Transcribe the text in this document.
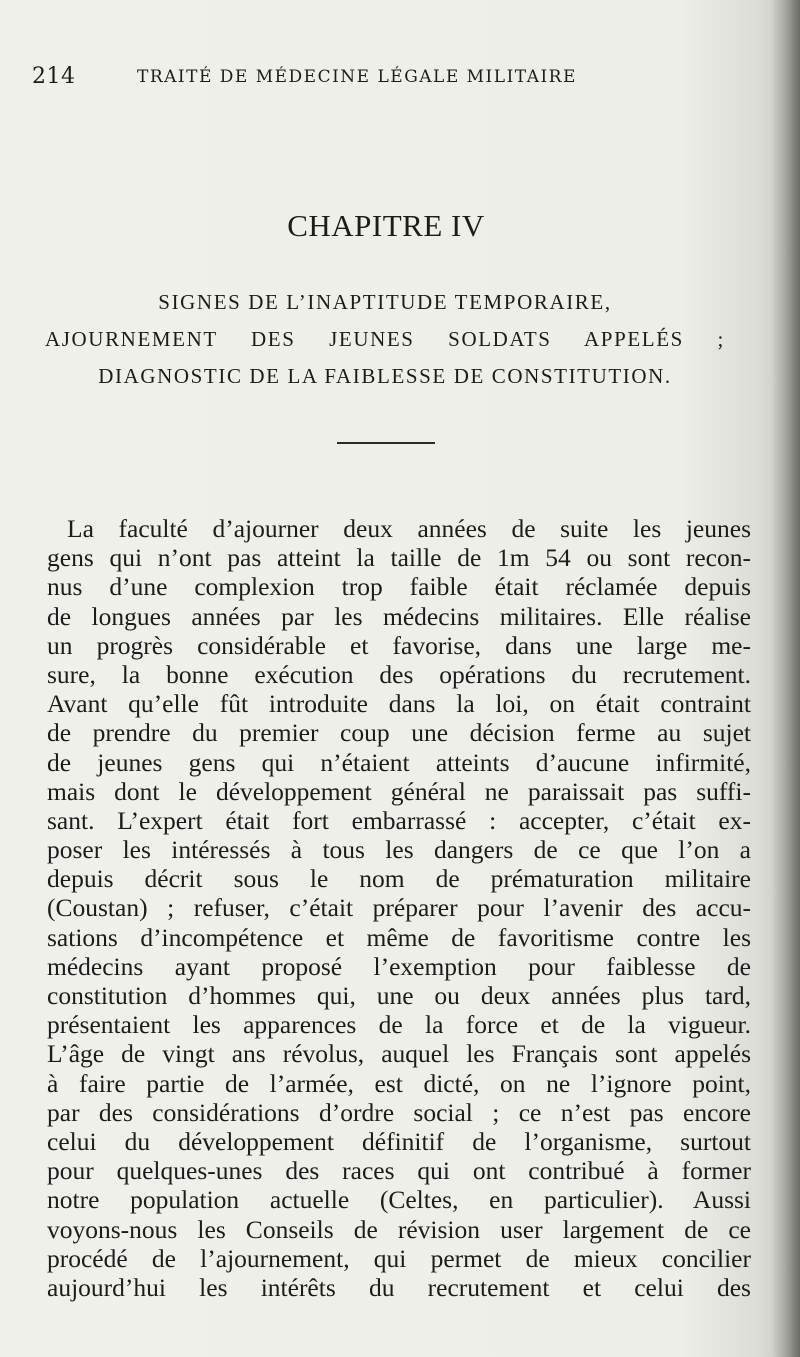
214	TRAITÉ DE MÉDECINE LÉGALE MILITAIRE
CHAPITRE IV
SIGNES DE L’INAPTITUDE TEMPORAIRE,
AJOURNEMENT DES JEUNES SOLDATS APPELÉS ;
DIAGNOSTIC DE LA FAIBLESSE DE CONSTITUTION.

La faculté d’ajourner deux années de suite les jeunes
gens qui n’ont pas atteint la taille de 1m 54 ou sont recon-
nus d’une complexion trop faible était réclamée depuis
de longues années par les médecins militaires. Elle réalise
un progrès considérable et favorise, dans une large me-
sure, la bonne exécution des opérations du recrutement.
Avant qu’elle fût introduite dans la loi, on était contraint
de prendre du premier coup une décision ferme au sujet
de jeunes gens qui n’étaient atteints d’aucune infirmité,
mais dont le développement général ne paraissait pas suffi-
sant. L’expert était fort embarrassé : accepter, c’était ex-
poser les intéressés à tous les dangers de ce que l’on a
depuis décrit sous le nom de prématuration militaire
(Coustan) ; refuser, c’était préparer pour l’avenir des accu-
sations d’incompétence et même de favoritisme contre les
médecins ayant proposé l’exemption pour faiblesse de
constitution d’hommes qui, une ou deux années plus tard,
présentaient les apparences de la force et de la vigueur.
L’âge de vingt ans révolus, auquel les Français sont appelés
à faire partie de l’armée, est dicté, on ne l’ignore point,
par des considérations d’ordre social ; ce n’est pas encore
celui du développement définitif de l’organisme, surtout
pour quelques-unes des races qui ont contribué à former
notre population actuelle (Celtes, en particulier). Aussi
voyons-nous les Conseils de révision user largement de ce
procédé de l’ajournement, qui permet de mieux concilier
aujourd’hui les intérêts du recrutement et celui des
